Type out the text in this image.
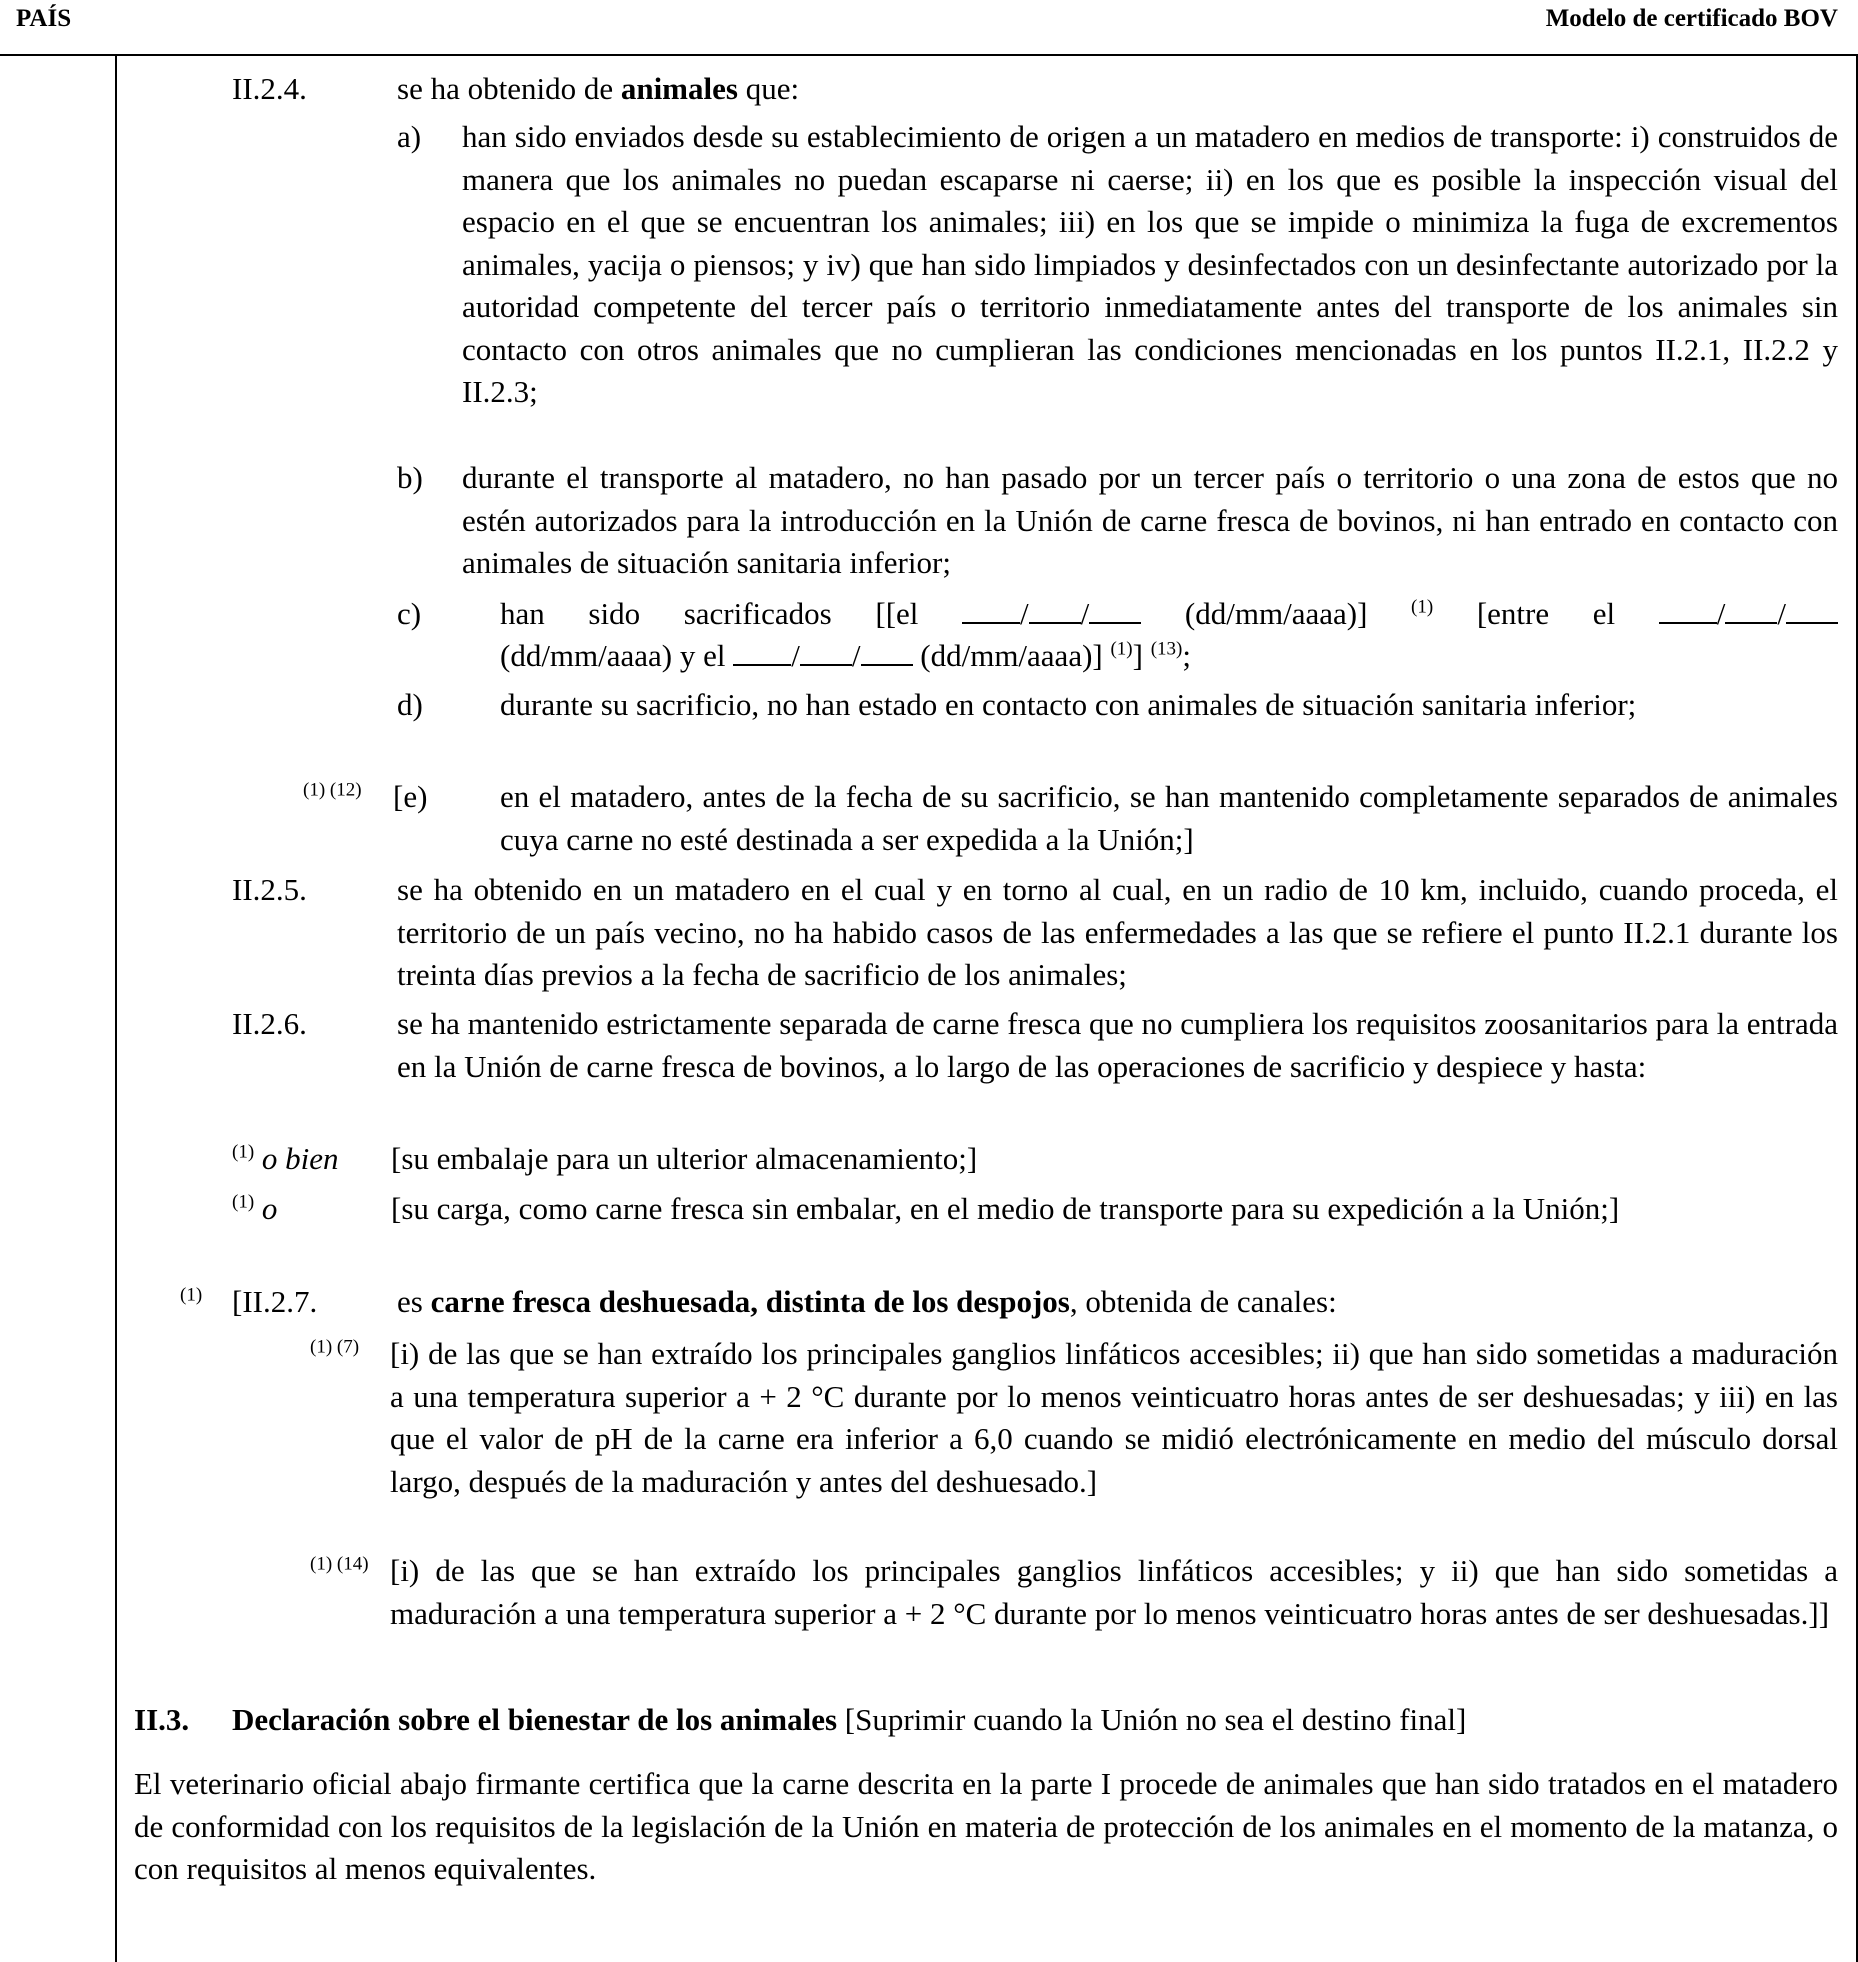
PAÍS	Modelo de certificado BOV
II.2.4.	se ha obtenido de animales que:
a) han sido enviados desde su establecimiento de origen a un matadero en medios de transporte: i) construidos de manera que los animales no puedan escaparse ni caerse; ii) en los que es posible la inspección visual del espacio en el que se encuentran los animales; iii) en los que se impide o minimiza la fuga de excrementos animales, yacija o piensos; y iv) que han sido limpiados y desinfectados con un desinfectante autorizado por la autoridad competente del tercer país o territorio inmediatamente antes del transporte de los animales sin contacto con otros animales que no cumplieran las condiciones mencionadas en los puntos II.2.1, II.2.2 y II.2.3;
b) durante el transporte al matadero, no han pasado por un tercer país o territorio o una zona de estos que no estén autorizados para la introducción en la Unión de carne fresca de bovinos, ni han entrado en contacto con animales de situación sanitaria inferior;
c)	han sido sacrificados [[el / / (dd/mm/aaaa)] $^{(1)}$ [entre el / /
(dd/mm/aaaa) y el / / (dd/mm/aaaa)] $^{(1)}$] $^{(13)}$;
d) durante su sacrificio, no han estado en contacto con animales de situación sanitaria inferior;
$^{(1) (12)}$ [e) en el matadero, antes de la fecha de su sacrificio, se han mantenido completamente separados de animales cuya carne no esté destinada a ser expedida a la Unión;]
II.2.5.	se ha obtenido en un matadero en el cual y en torno al cual, en un radio de 10 km, incluido, cuando proceda, el territorio de un país vecino, no ha habido casos de las enfermedades a las que se refiere el punto II.2.1 durante los treinta días previos a la fecha de sacrificio de los animales;
II.2.6.	se ha mantenido estrictamente separada de carne fresca que no cumpliera los requisitos zoosanitarios para la entrada en la Unión de carne fresca de bovinos, a lo largo de las operaciones de sacrificio y despiece y hasta:
$^{(1)}$ o bien [su embalaje para un ulterior almacenamiento;]
$^{(1)}$ o	[su carga, como carne fresca sin embalar, en el medio de transporte para su expedición a la Unión;]
$^{(1)}$ [II.2.7.	es carne fresca deshuesada, distinta de los despojos, obtenida de canales:
$^{(1) (7)}$ [i) de las que se han extraído los principales ganglios linfáticos accesibles; ii) que han sido sometidas a maduración a una temperatura superior a + 2 °C durante por lo menos veinticuatro horas antes de ser deshuesadas; y iii) en las que el valor de pH de la carne era inferior a 6,0 cuando se midió electrónicamente en medio del músculo dorsal largo, después de la maduración y antes del deshuesado.]
$^{(1) (14)}$ [i) de las que se han extraído los principales ganglios linfáticos accesibles; y ii) que han sido sometidas a maduración a una temperatura superior a + 2 °C durante por lo menos veinticuatro horas antes de ser deshuesadas.]]
II.3. Declaración sobre el bienestar de los animales [Suprimir cuando la Unión no sea el destino final]
El veterinario oficial abajo firmante certifica que la carne descrita en la parte I procede de animales que han sido tratados en el matadero de conformidad con los requisitos de la legislación de la Unión en materia de protección de los animales en el momento de la matanza, o con requisitos al menos equivalentes.
